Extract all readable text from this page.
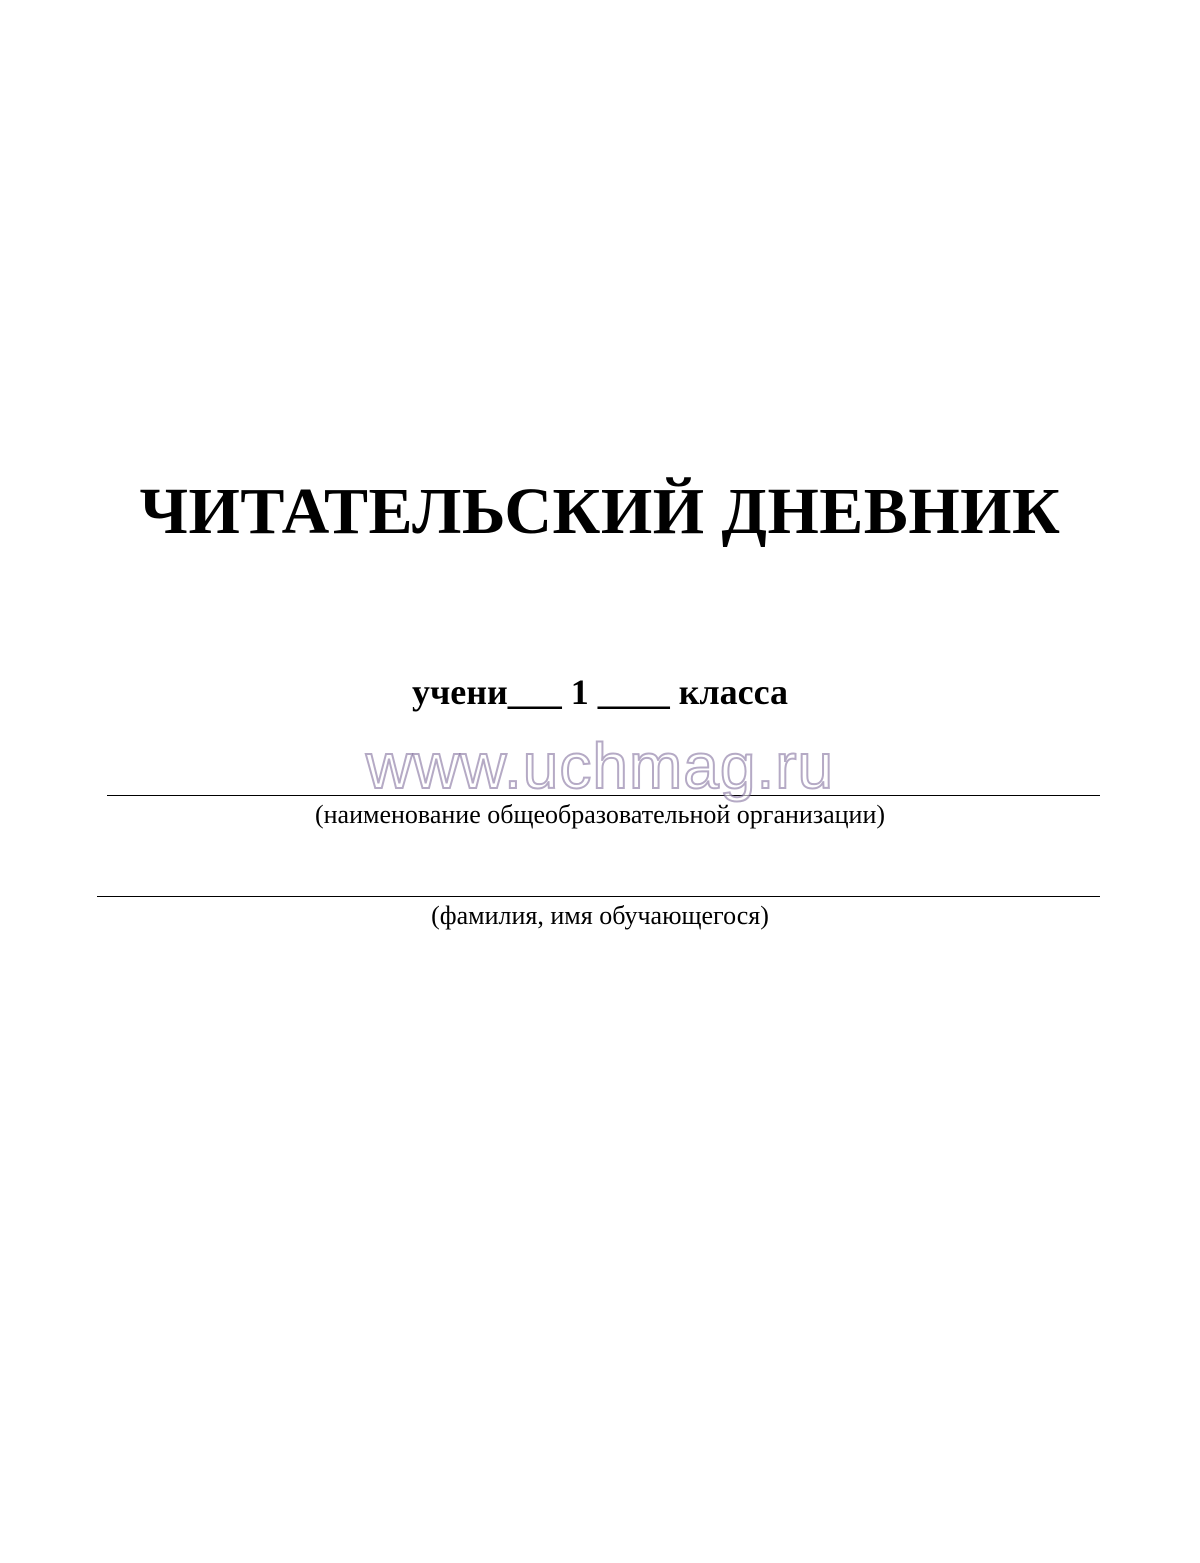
ЧИТАТЕЛЬСКИЙ ДНЕВНИК
учени___ 1 ____ класса
(наименование общеобразовательной организации)
(фамилия, имя обучающегося)
www.uchmag.ru
